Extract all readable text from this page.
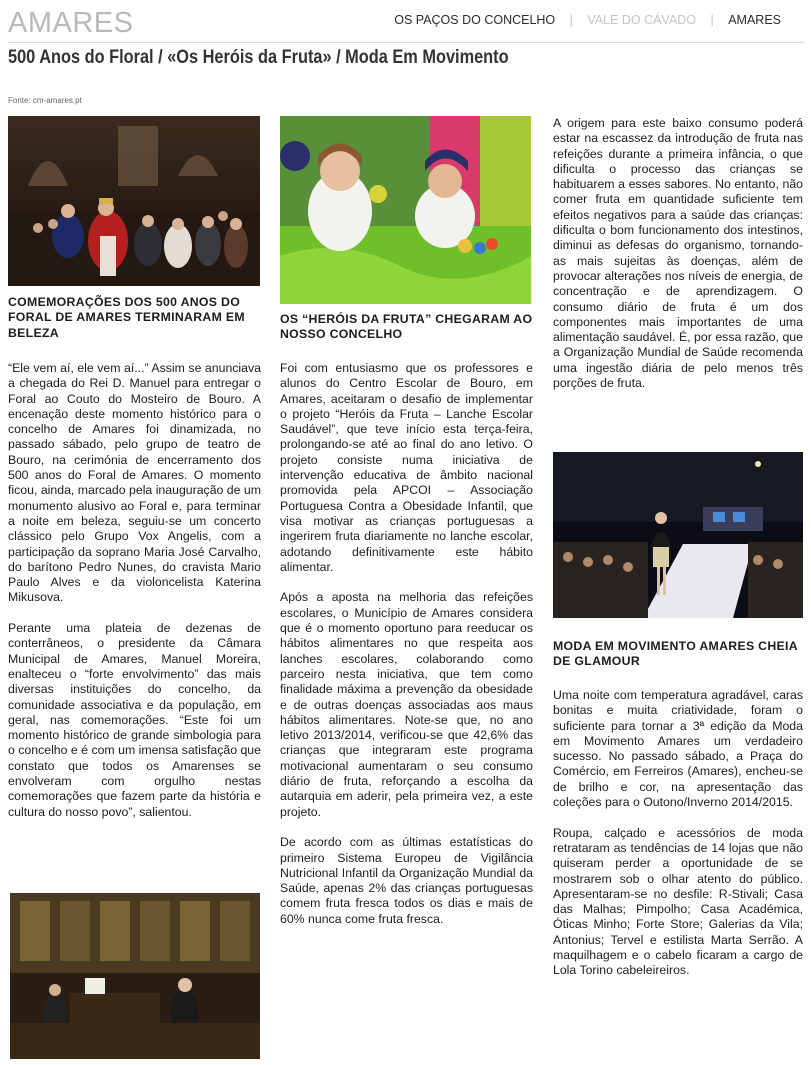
AMARES	OS PAÇOS DO CONCELHO | VALE DO CÁVADO | AMARES
500 Anos do Floral / «Os Heróis da Fruta» / Moda Em Movimento
Fonte: cm-amares.pt
COMEMORAÇÕES DOS 500 ANOS DO FORAL DE AMARES TERMINARAM EM BELEZA

“Ele vem aí, ele vem aí...” Assim se anunciava a chegada do Rei D. Manuel para entregar o Foral ao Couto do Mosteiro de Bouro. A encenação deste momento histórico para o concelho de Amares foi dinamizada, no passado sábado, pelo grupo de teatro de Bouro, na cerimónia de encerramento dos 500 anos do Foral de Amares. O momento ficou, ainda, marcado pela inauguração de um monumento alusivo ao Foral e, para terminar a noite em beleza, seguiu-se um concerto clássico pelo Grupo Vox Angelis, com a participação da soprano Maria José Carvalho, do barítono Pedro Nunes, do cravista Mario Paulo Alves e da violoncelista Katerina Mikusova.

Perante uma plateia de dezenas de conterrâneos, o presidente da Câmara Municipal de Amares, Manuel Moreira, enalteceu o “forte envolvimento” das mais diversas instituições do concelho, da comunidade associativa e da população, em geral, nas comemorações. “Este foi um momento histórico de grande simbologia para o concelho e é com um imensa satisfação que constato que todos os Amarenses se envolveram com orgulho nestas comemorações que fazem parte da história e cultura do nosso povo”, salientou.

OS “HERÓIS DA FRUTA” CHEGARAM AO NOSSO CONCELHO

Foi com entusiasmo que os professores e alunos do Centro Escolar de Bouro, em Amares, aceitaram o desafio de implementar o projeto “Heróis da Fruta – Lanche Escolar Saudável”, que teve início esta terça-feira, prolongando-se até ao final do ano letivo. O projeto consiste numa iniciativa de intervenção educativa de âmbito nacional promovida pela APCOI – Associação Portuguesa Contra a Obesidade Infantil, que visa motivar as crianças portuguesas a ingerirem fruta diariamente no lanche escolar, adotando definitivamente este hábito alimentar.

Após a aposta na melhoria das refeições escolares, o Município de Amares considera que é o momento oportuno para reeducar os hábitos alimentares no que respeita aos lanches escolares, colaborando como parceiro nesta iniciativa, que tem como finalidade máxima a prevenção da obesidade e de outras doenças associadas aos maus hábitos alimentares. Note-se que, no ano letivo 2013/2014, verificou-se que 42,6% das crianças que integraram este programa motivacional aumentaram o seu consumo diário de fruta, reforçando a escolha da autarquia em aderir, pela primeira vez, a este projeto.

De acordo com as últimas estatísticas do primeiro Sistema Europeu de Vigilância Nutricional Infantil da Organização Mundial da Saúde, apenas 2% das crianças portuguesas comem fruta fresca todos os dias e mais de 60% nunca come fruta fresca.

A origem para este baixo consumo poderá estar na escassez da introdução de fruta nas refeições durante a primeira infância, o que dificulta o processo das crianças se habituarem a esses sabores. No entanto, não comer fruta em quantidade suficiente tem efeitos negativos para a saúde das crianças: dificulta o bom funcionamento dos intestinos, diminui as defesas do organismo, tornando-as mais sujeitas às doenças, além de provocar alterações nos níveis de energia, de concentração e de aprendizagem. O consumo diário de fruta é um dos componentes mais importantes de uma alimentação saudável. É, por essa razão, que a Organização Mundial de Saúde recomenda uma ingestão diária de pelo menos três porções de fruta.

MODA EM MOVIMENTO AMARES CHEIA DE GLAMOUR

Uma noite com temperatura agradável, caras bonitas e muita criatividade, foram o suficiente para tornar a 3ª edição da Moda em Movimento Amares um verdadeiro sucesso. No passado sábado, a Praça do Comércio, em Ferreiros (Amares), encheu-se de brilho e cor, na apresentação das coleções para o Outono/Inverno 2014/2015.

Roupa, calçado e acessórios de moda retrataram as tendências de 14 lojas que não quiseram perder a oportunidade de se mostrarem sob o olhar atento do público. Apresentaram-se no desfile: R-Stivali; Casa das Malhas; Pimpolho; Casa Académica, Óticas Minho; Forte Store; Galerias da Vila; Antonius; Tervel e estilista Marta Serrão. A maquilhagem e o cabelo ficaram a cargo de Lola Torino cabeleireiros.
